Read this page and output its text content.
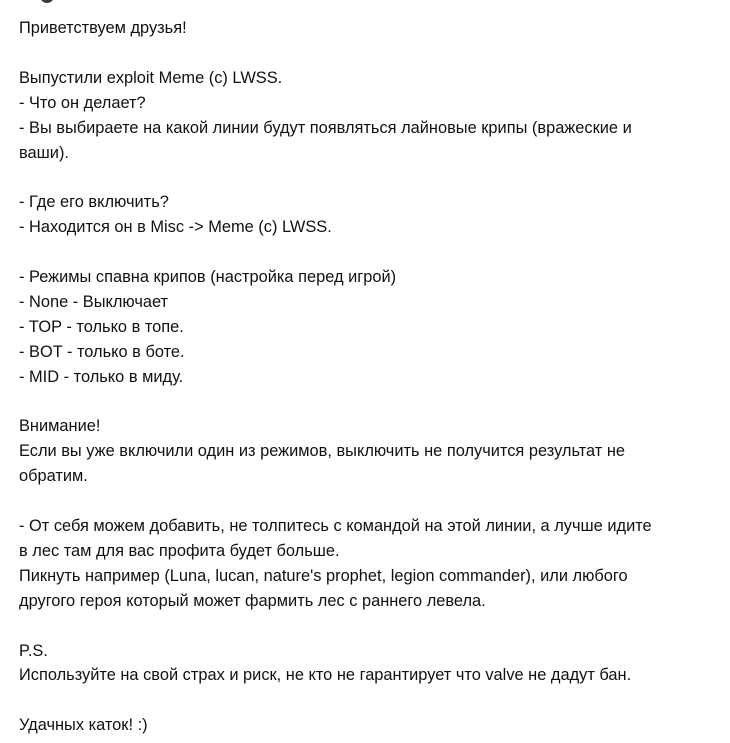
Приветствуем друзья!
Выпустили exploit Meme (c) LWSS.
- Что он делает?
- Вы выбираете на какой линии будут появляться лайновые крипы (вражеские и
ваши).
- Где его включить?
- Находится он в Misc -> Meme (c) LWSS.
- Режимы спавна крипов (настройка перед игрой)
- None - Выключает
- TOP - только в топе.
- BOT - только в боте.
- MID - только в миду.
Внимание!
Если вы уже включили один из режимов, выключить не получится результат не
обратим.
- От себя можем добавить, не толпитесь с командой на этой линии, а лучше идите
в лес там для вас профита будет больше.
Пикнуть например (Luna, lucan, nature's prophet, legion commander), или любого
другого героя который может фармить лес с раннего левела.
P.S.
Используйте на свой страх и риск, не кто не гарантирует что valve не дадут бан.
Удачных каток! :)
